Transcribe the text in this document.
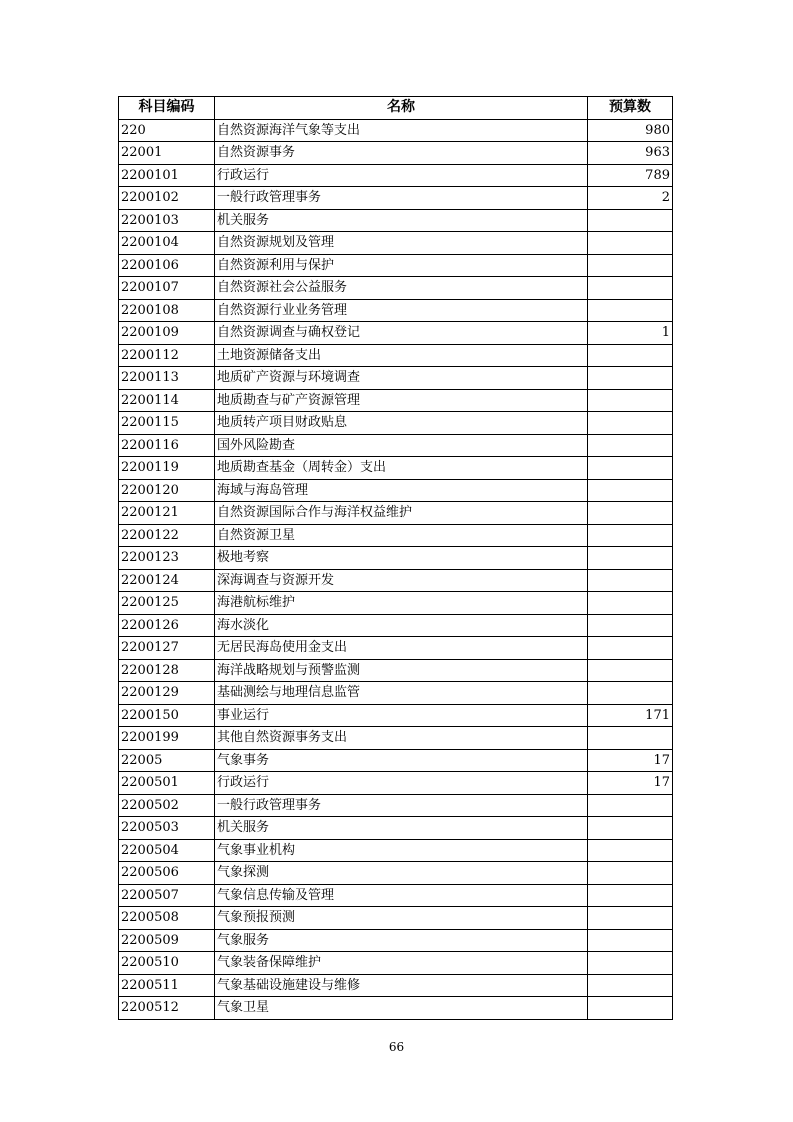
科目编码	名称	预算数
220	自然资源海洋气象等支出	980
22001	自然资源事务	963
2200101	行政运行	789
2200102	一般行政管理事务	2
2200103	机关服务	
2200104	自然资源规划及管理	
2200106	自然资源利用与保护	
2200107	自然资源社会公益服务	
2200108	自然资源行业业务管理	
2200109	自然资源调查与确权登记	1
2200112	土地资源储备支出	
2200113	地质矿产资源与环境调查	
2200114	地质勘查与矿产资源管理	
2200115	地质转产项目财政贴息	
2200116	国外风险勘查	
2200119	地质勘查基金（周转金）支出	
2200120	海域与海岛管理	
2200121	自然资源国际合作与海洋权益维护	
2200122	自然资源卫星	
2200123	极地考察	
2200124	深海调查与资源开发	
2200125	海港航标维护	
2200126	海水淡化	
2200127	无居民海岛使用金支出	
2200128	海洋战略规划与预警监测	
2200129	基础测绘与地理信息监管	
2200150	事业运行	171
2200199	其他自然资源事务支出	
22005	气象事务	17
2200501	行政运行	17
2200502	一般行政管理事务	
2200503	机关服务	
2200504	气象事业机构	
2200506	气象探测	
2200507	气象信息传输及管理	
2200508	气象预报预测	
2200509	气象服务	
2200510	气象装备保障维护	
2200511	气象基础设施建设与维修	
2200512	气象卫星	
66
